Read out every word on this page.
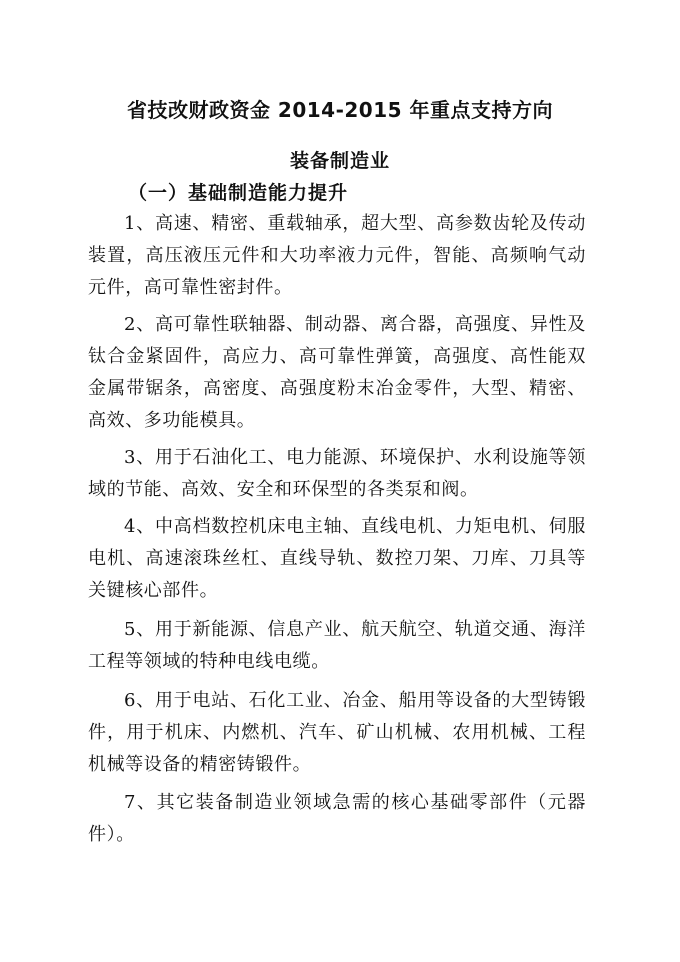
省技改财政资金 2014-2015 年重点支持方向
装备制造业
（一）基础制造能力提升

1、高速、精密、重载轴承，超大型、高参数齿轮及传动装置，高压液压元件和大功率液力元件，智能、高频响气动元件，高可靠性密封件。

2、高可靠性联轴器、制动器、离合器，高强度、异性及钛合金紧固件，高应力、高可靠性弹簧，高强度、高性能双金属带锯条，高密度、高强度粉末冶金零件，大型、精密、高效、多功能模具。

3、用于石油化工、电力能源、环境保护、水利设施等领域的节能、高效、安全和环保型的各类泵和阀。

4、中高档数控机床电主轴、直线电机、力矩电机、伺服电机、高速滚珠丝杠、直线导轨、数控刀架、刀库、刀具等关键核心部件。

5、用于新能源、信息产业、航天航空、轨道交通、海洋工程等领域的特种电线电缆。

6、用于电站、石化工业、冶金、船用等设备的大型铸锻件，用于机床、内燃机、汽车、矿山机械、农用机械、工程机械等设备的精密铸锻件。

7、其它装备制造业领域急需的核心基础零部件（元器件）。
